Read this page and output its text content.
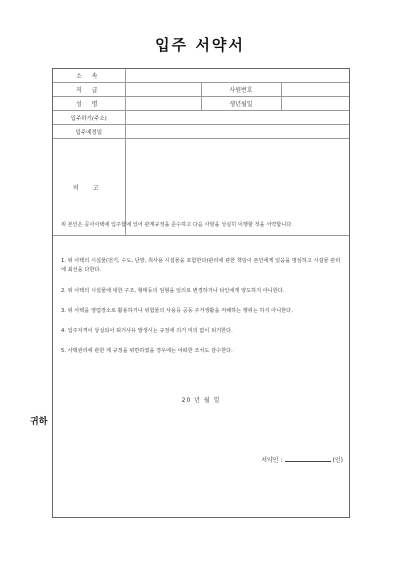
입주 서약서
소 속			
직 급		사원번호	
성 명		생년월일	
입주하기(주소)			
입주예정일			
비 고			
위 본인은 공사사택에 입주함에 있어 관계규정을 준수하고 다음 사항을 성실히 이행할 것을 서약합니다.
1. 위 사택의 시설물(전기, 수도, 난방, 취사용 시설물을 포함한다)관리에 관한 책임이 본인에게 있음을 명심하고 시설물 관리에 최선을 다한다.
2. 위 사택의 시설물에 대한 구조, 형태등의 임형을 임의로 변경하거나 타인에게 양도하지 아니한다.
3. 위 사택을 영업장소로 활용하거나 위험물의 사용등 공동 주거생활을 저해하는 행위는 하지 아니한다.
4. 입주자격이 상실되어 퇴거사유 발생시는 규정에 의거 미의 없이 퇴거한다.
5. 사택관리에 관한 제 규정을 위반하였을 경우에는 어떠한 조치도 감수한다.
20 년 월 일
서약인 :	(인)
귀하
